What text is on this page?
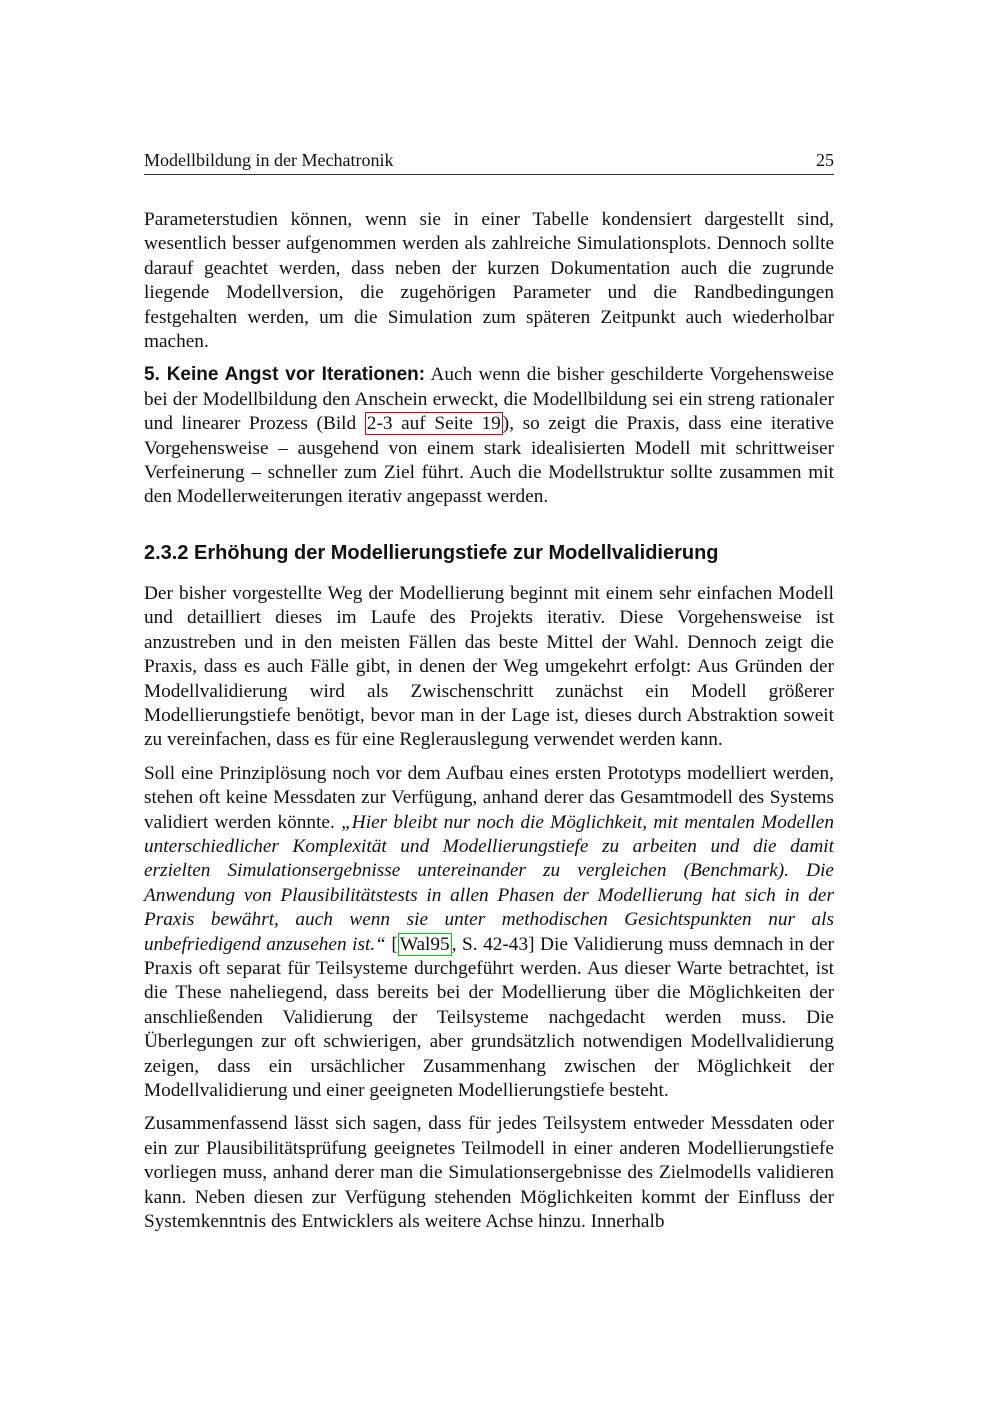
Modellbildung in der Mechatronik	25

Parameterstudien können, wenn sie in einer Tabelle kondensiert dargestellt sind, wesentlich besser aufgenommen werden als zahlreiche Simulationsplots. Dennoch sollte darauf geachtet werden, dass neben der kurzen Dokumentation auch die zugrunde liegende Modellversion, die zugehörigen Parameter und die Randbedingungen festgehalten werden, um die Simulation zum späteren Zeitpunkt auch wiederholbar machen.

5. Keine Angst vor Iterationen: Auch wenn die bisher geschilderte Vorgehensweise bei der Modellbildung den Anschein erweckt, die Modellbildung sei ein streng rationaler und linearer Prozess (Bild 2-3 auf Seite 19 ), so zeigt die Praxis, dass eine iterative Vorgehensweise – ausgehend von einem stark idealisierten Modell mit schrittweiser Verfeinerung – schneller zum Ziel führt. Auch die Modellstruktur sollte zusammen mit den Modellerweiterungen iterativ angepasst werden.

2.3.2 Erhöhung der Modellierungstiefe zur Modellvalidierung

Der bisher vorgestellte Weg der Modellierung beginnt mit einem sehr einfachen Modell und detailliert dieses im Laufe des Projekts iterativ. Diese Vorgehensweise ist anzustreben und in den meisten Fällen das beste Mittel der Wahl. Dennoch zeigt die Praxis, dass es auch Fälle gibt, in denen der Weg umgekehrt erfolgt: Aus Gründen der Modellvalidierung wird als Zwischenschritt zunächst ein Modell größerer Modellierungstiefe benötigt, bevor man in der Lage ist, dieses durch Abstraktion soweit zu vereinfachen, dass es für eine Reglerauslegung verwendet werden kann.

Soll eine Prinziplösung noch vor dem Aufbau eines ersten Prototyps modelliert werden, stehen oft keine Messdaten zur Verfügung, anhand derer das Gesamtmodell des Systems validiert werden könnte. „Hier bleibt nur noch die Möglichkeit, mit mentalen Modellen unterschiedlicher Komplexität und Modellierungstiefe zu arbeiten und die damit erzielten Simulationsergebnisse untereinander zu vergleichen (Benchmark). Die Anwendung von Plausibilitätstests in allen Phasen der Modellierung hat sich in der Praxis bewährt, auch wenn sie unter methodischen Gesichtspunkten nur als unbefriedigend anzusehen ist.“ [ Wal95 , S. 42-43] Die Validierung muss demnach in der Praxis oft separat für Teilsysteme durchgeführt werden. Aus dieser Warte betrachtet, ist die These naheliegend, dass bereits bei der Modellierung über die Möglichkeiten der anschließenden Validierung der Teilsysteme nachgedacht werden muss. Die Überlegungen zur oft schwierigen, aber grundsätzlich notwendigen Modellvalidierung zeigen, dass ein ursächlicher Zusammenhang zwischen der Möglichkeit der Modellvalidierung und einer geeigneten Modellierungstiefe besteht.

Zusammenfassend lässt sich sagen, dass für jedes Teilsystem entweder Messdaten oder ein zur Plausibilitätsprüfung geeignetes Teilmodell in einer anderen Modellierungstiefe vorliegen muss, anhand derer man die Simulationsergebnisse des Zielmodells validieren kann. Neben diesen zur Verfügung stehenden Möglichkeiten kommt der Einfluss der Systemkenntnis des Entwicklers als weitere Achse hinzu. Innerhalb
